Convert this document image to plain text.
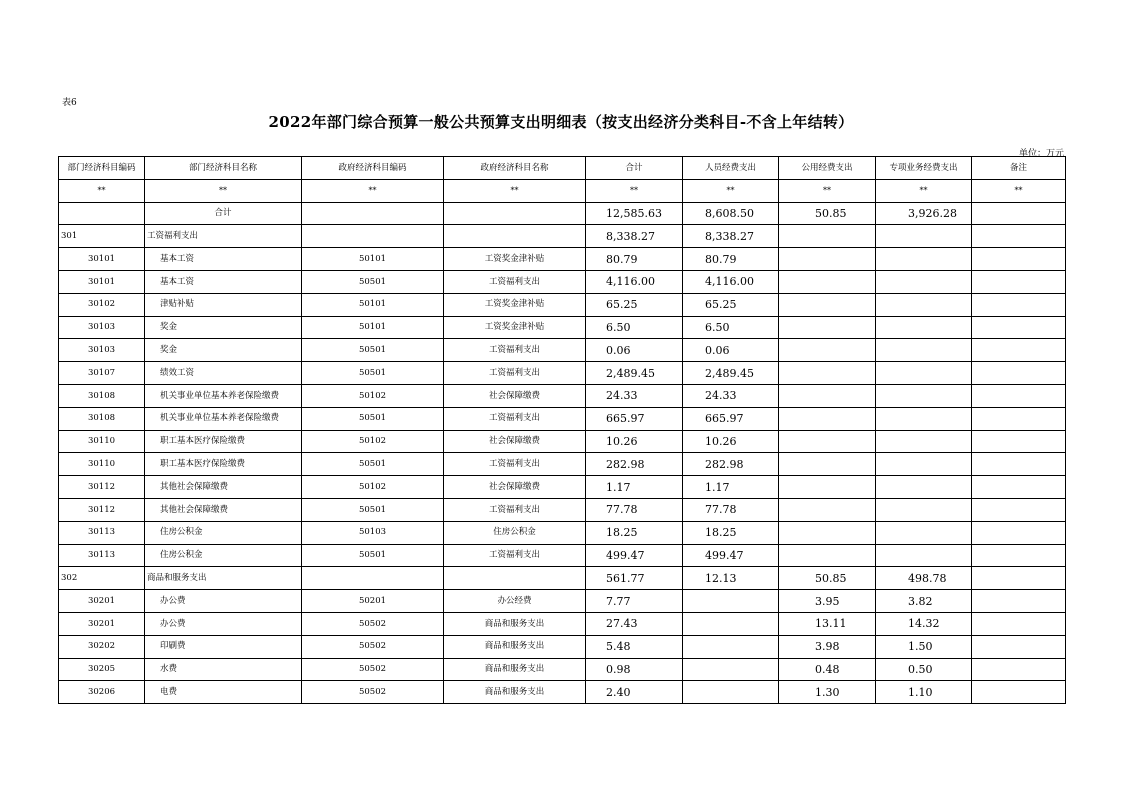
表6
2022年部门综合预算一般公共预算支出明细表（按支出经济分类科目-不含上年结转）
单位：万元
部门经济科目编码	部门经济科目名称	政府经济科目编码	政府经济科目名称	合计	人员经费支出	公用经费支出	专项业务经费支出	备注
**	**	**	**	**	**	**	**	**
	合计			12,585.63	8,608.50	50.85	3,926.28	
301	工资福利支出			8,338.27	8,338.27			
30101	基本工资	50101	工资奖金津补贴	80.79	80.79			
30101	基本工资	50501	工资福利支出	4,116.00	4,116.00			
30102	津贴补贴	50101	工资奖金津补贴	65.25	65.25			
30103	奖金	50101	工资奖金津补贴	6.50	6.50			
30103	奖金	50501	工资福利支出	0.06	0.06			
30107	绩效工资	50501	工资福利支出	2,489.45	2,489.45			
30108	机关事业单位基本养老保险缴费	50102	社会保障缴费	24.33	24.33			
30108	机关事业单位基本养老保险缴费	50501	工资福利支出	665.97	665.97			
30110	职工基本医疗保险缴费	50102	社会保障缴费	10.26	10.26			
30110	职工基本医疗保险缴费	50501	工资福利支出	282.98	282.98			
30112	其他社会保障缴费	50102	社会保障缴费	1.17	1.17			
30112	其他社会保障缴费	50501	工资福利支出	77.78	77.78			
30113	住房公积金	50103	住房公积金	18.25	18.25			
30113	住房公积金	50501	工资福利支出	499.47	499.47			
302	商品和服务支出			561.77	12.13	50.85	498.78	
30201	办公费	50201	办公经费	7.77		3.95	3.82	
30201	办公费	50502	商品和服务支出	27.43		13.11	14.32	
30202	印刷费	50502	商品和服务支出	5.48		3.98	1.50	
30205	水费	50502	商品和服务支出	0.98		0.48	0.50	
30206	电费	50502	商品和服务支出	2.40		1.30	1.10	
